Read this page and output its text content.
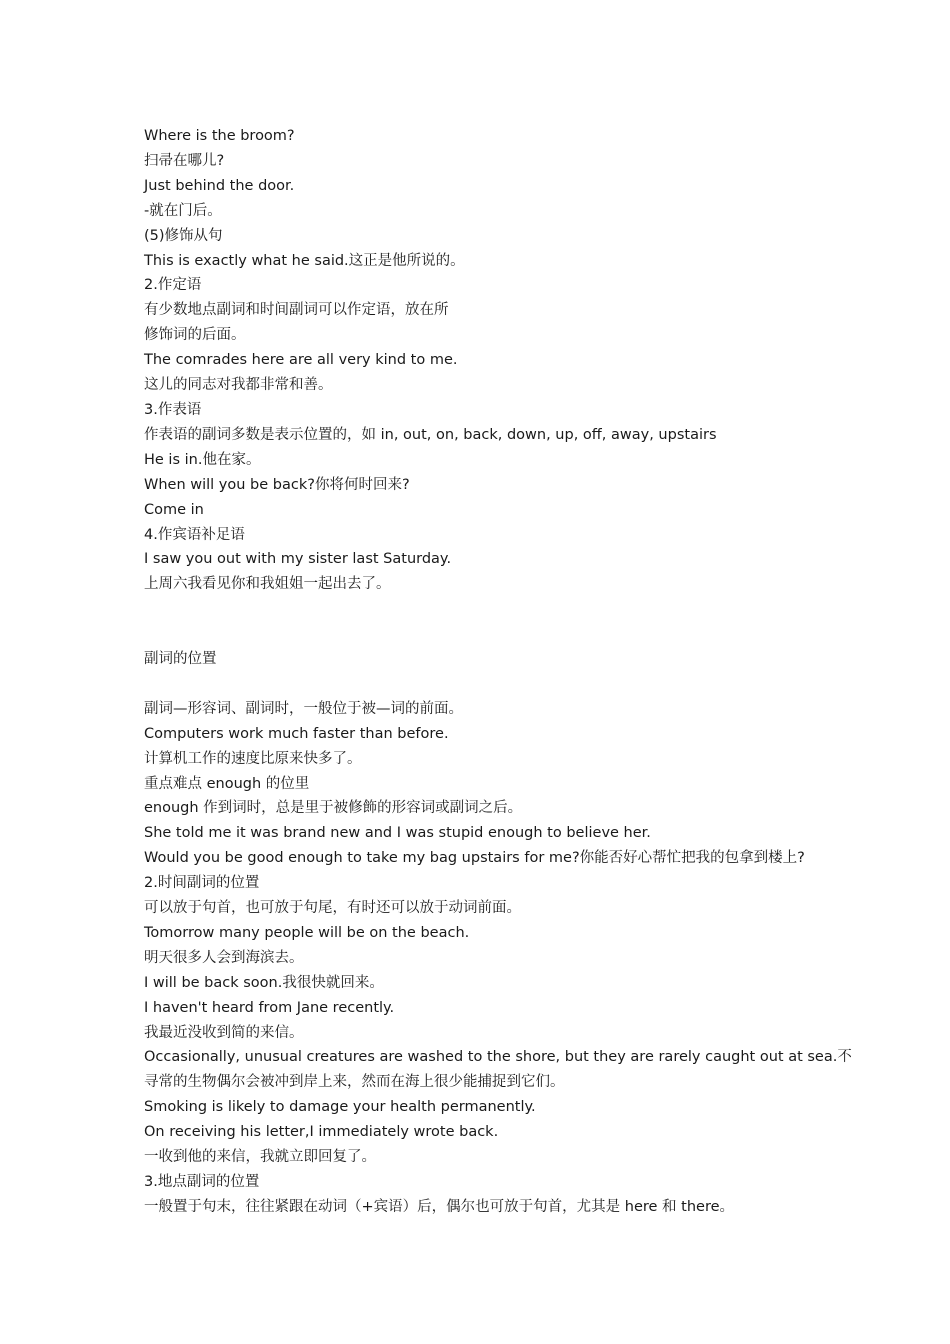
Where is the broom?
扫帚在哪儿?
Just behind the door.
-就在门后。
(5)修饰从句
This is exactly what he said.这正是他所说的。
2.作定语
有少数地点副词和时间副词可以作定语，放在所
修饰词的后面。
The comrades here are all very kind to me.
这儿的同志对我都非常和善。
3.作表语
作表语的副词多数是表示位置的，如 in, out, on, back, down, up, off, away, upstairs
He is in.他在家。
When will you be back?你将何时回来?
Come in
4.作宾语补足语
I saw you out with my sister last Saturday.
上周六我看见你和我姐姐一起出去了。
副词的位置
副词—形容词、副词时，一般位于被—词的前面。
Computers work much faster than before.
计算机工作的速度比原来快多了。
重点难点 enough 的位里
enough 作到词时，总是里于被修飾的形容词或副词之后。
She told me it was brand new and I was stupid enough to believe her.
Would you be good enough to take my bag upstairs for me?你能否好心帮忙把我的包拿到楼上?
2.时间副词的位置
可以放于句首，也可放于句尾，有时还可以放于动词前面。
Tomorrow many people will be on the beach.
明天很多人会到海滨去。
I will be back soon.我很快就回来。
I haven't heard from Jane recently.
我最近没收到简的来信。
Occasionally, unusual creatures are washed to the shore, but they are rarely caught out at sea.不
寻常的生物偶尔会被冲到岸上来，然而在海上很少能捕捉到它们。
Smoking is likely to damage your health permanently.
On receiving his letter,I immediately wrote back.
一收到他的来信，我就立即回复了。
3.地点副词的位置
一般置于句末，往往紧跟在动词（+宾语）后，偶尔也可放于句首，尤其是 here 和 there。
